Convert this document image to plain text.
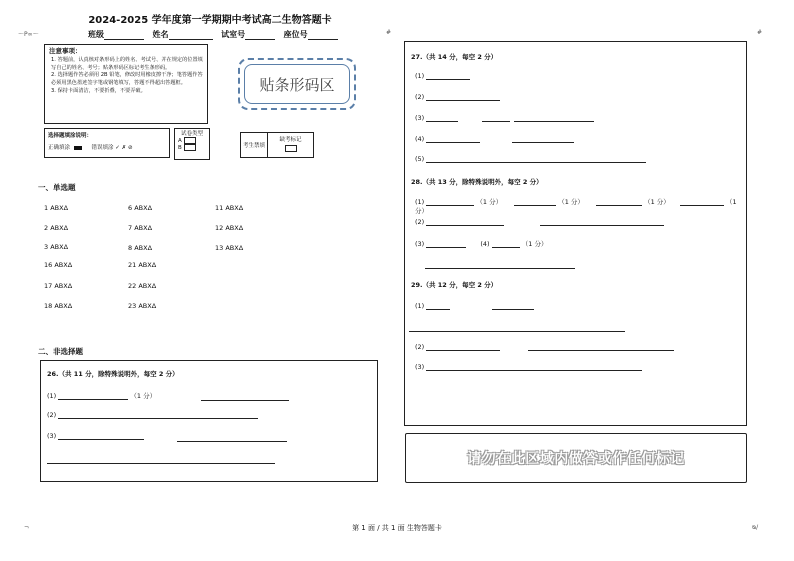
2024-2025 学年度第一学期期中考试高二生物答题卡
～P∞～	#	#
班级	姓名	试室号	座位号
注意事项：
1. 答题前，认真核对条形码上的姓名、考试号、并在规定的位置填写自己的姓名、考号；贴条形码区标记考生条形码。
2. 选择题作答必须用 2B 铅笔，修改时用橡皮擦干净；笔答题作答必须用黑色墨迹签字笔或钢笔填写，答题不得超出答题框。
3. 保持卡面清洁，不要折叠，不要弄破。	贴条形码区
选择题填涂说明：
正确填涂	错误填涂 ✓ ✗ ⊘
试卷类型
A
B	考生禁填
缺考标记
一、单选题
1 ABXΔ	6 ABXΔ	11 ABXΔ
2 ABXΔ	7 ABXΔ	12 ABXΔ
3 ABXΔ	8 ABXΔ	13 ABXΔ
16 ABXΔ	21 ABXΔ
17 ABXΔ	22 ABXΔ
18 ABXΔ	23 ABXΔ
二、非选择题
26.（共 11 分，除特殊说明外，每空 2 分）
(1)	（1 分）
(2)
(3)
27.（共 14 分，每空 2 分）
(1)
(2)
(3)
(4)
(5)
28.（共 13 分，除特殊说明外，每空 2 分）
(1)	（1 分）	（1 分）	（1 分）	（1 分）
(2)
(3)	(4)	（1 分）
29.（共 12 分，每空 2 分）
(1)
(2)
(3)
请勿在此区域内做答或作任何标记
¬	ᴓ/
第 1 面 / 共 1 面 生物答题卡
